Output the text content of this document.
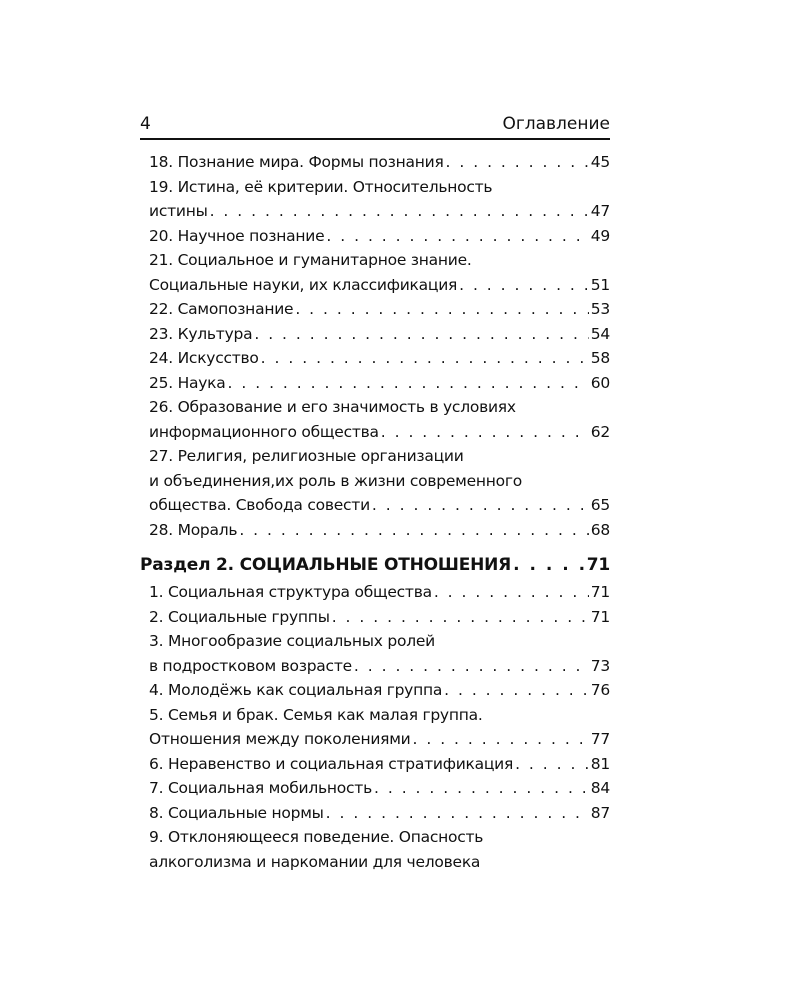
4	Оглавление
18. Познание мира. Формы познания . . .	45
19. Истина, её критерии. Относительность
истины . . .	47
20. Научное познание . . .	49
21. Социальное и гуманитарное знание.
Социальные науки, их классификация . . .	51
22. Самопознание . . .	53
23. Культура . . .	54
24. Искусство . . .	58
25. Наука . . .	60
26. Образование и его значимость в условиях
информационного общества . . .	62
27. Религия, религиозные организации
и объединения,их роль в жизни современного
общества. Свобода совести . . .	65
28. Мораль . . .	68
Раздел 2. СОЦИАЛЬНЫЕ ОТНОШЕНИЯ . . .	71
1. Социальная структура общества . . .	71
2. Социальные группы . . .	71
3. Многообразие социальных ролей
в подростковом возрасте . . .	73
4. Молодёжь как социальная группа . . .	76
5. Семья и брак. Семья как малая группа.
Отношения между поколениями . . .	77
6. Неравенство и социальная стратификация . . .	81
7. Социальная мобильность . . .	84
8. Социальные нормы . . .	87
9. Отклоняющееся поведение. Опасность
алкоголизма и наркомании для человека
